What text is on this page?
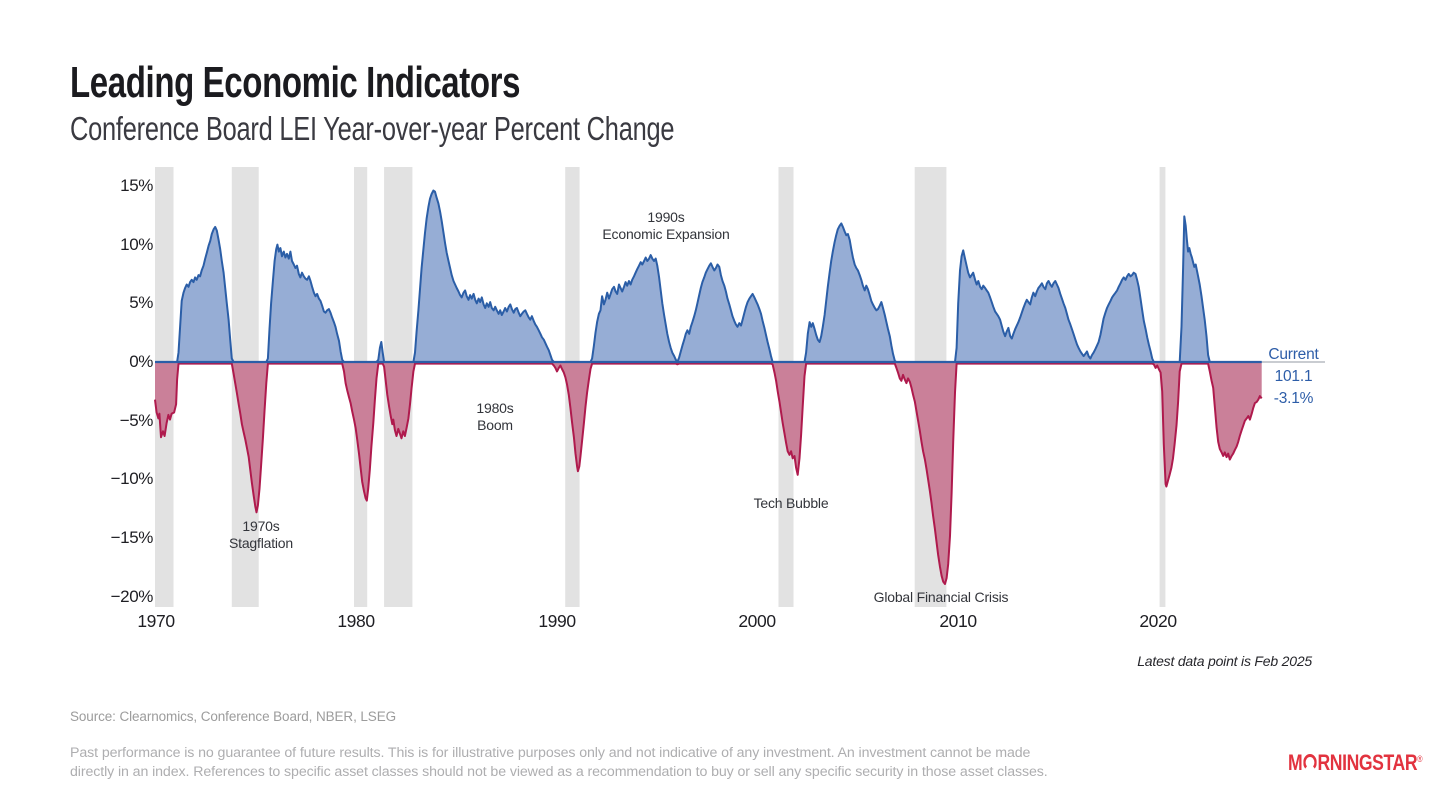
Leading Economic Indicators
Conference Board LEI Year-over-year Percent Change
15%
10%
5%
0%
−5%
−10%
−15%
−20%
1970	1980	1990	2000	2010	2020
1970s
Stagflation
1980s
Boom
1990s
Economic Expansion
Tech Bubble
Global Financial Crisis
Current
101.1
-3.1%
Latest data point is Feb 2025
Source: Clearnomics, Conference Board, NBER, LSEG
Past performance is no guarantee of future results. This is for illustrative purposes only and not indicative of any investment. An investment cannot be made
directly in an index. References to specific asset classes should not be viewed as a recommendation to buy or sell any specific security in those asset classes.	M RNINGSTAR®
